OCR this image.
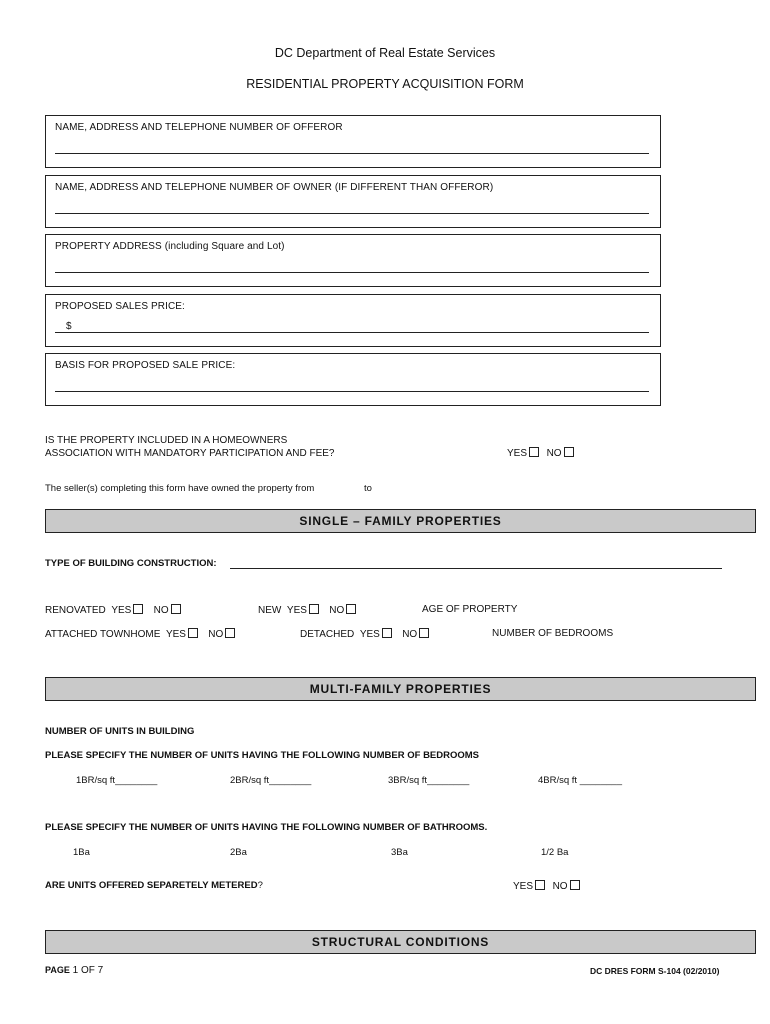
DC Department of Real Estate Services
RESIDENTIAL PROPERTY ACQUISITION FORM
NAME, ADDRESS AND TELEPHONE NUMBER OF OFFEROR
NAME, ADDRESS AND TELEPHONE NUMBER OF OWNER (IF DIFFERENT THAN OFFEROR)
PROPERTY ADDRESS (including Square and Lot)
PROPOSED SALES PRICE:
$
BASIS FOR PROPOSED SALE PRICE:
IS THE PROPERTY INCLUDED IN A HOMEOWNERS
ASSOCIATION WITH MANDATORY PARTICIPATION AND FEE?	YES NO
The seller(s) completing this form have owned the property from	to
SINGLE – FAMILY PROPERTIES
TYPE OF BUILDING CONSTRUCTION:
RENOVATED YES NO	NEW YES NO	AGE OF PROPERTY
ATTACHED TOWNHOME YES NO	DETACHED YES NO	NUMBER OF BEDROOMS
MULTI-FAMILY PROPERTIES
NUMBER OF UNITS IN BUILDING
PLEASE SPECIFY THE NUMBER OF UNITS HAVING THE FOLLOWING NUMBER OF BEDROOMS
1BR/sq ft________	2BR/sq ft________	3BR/sq ft________	4BR/sq ft ________
PLEASE SPECIFY THE NUMBER OF UNITS HAVING THE FOLLOWING NUMBER OF BATHROOMS.
1Ba	2Ba	3Ba	1/2 Ba
ARE UNITS OFFERED SEPARETELY METERED?	YES NO
STRUCTURAL CONDITIONS
PAGE 1 OF 7	DC DRES FORM S-104 (02/2010)
